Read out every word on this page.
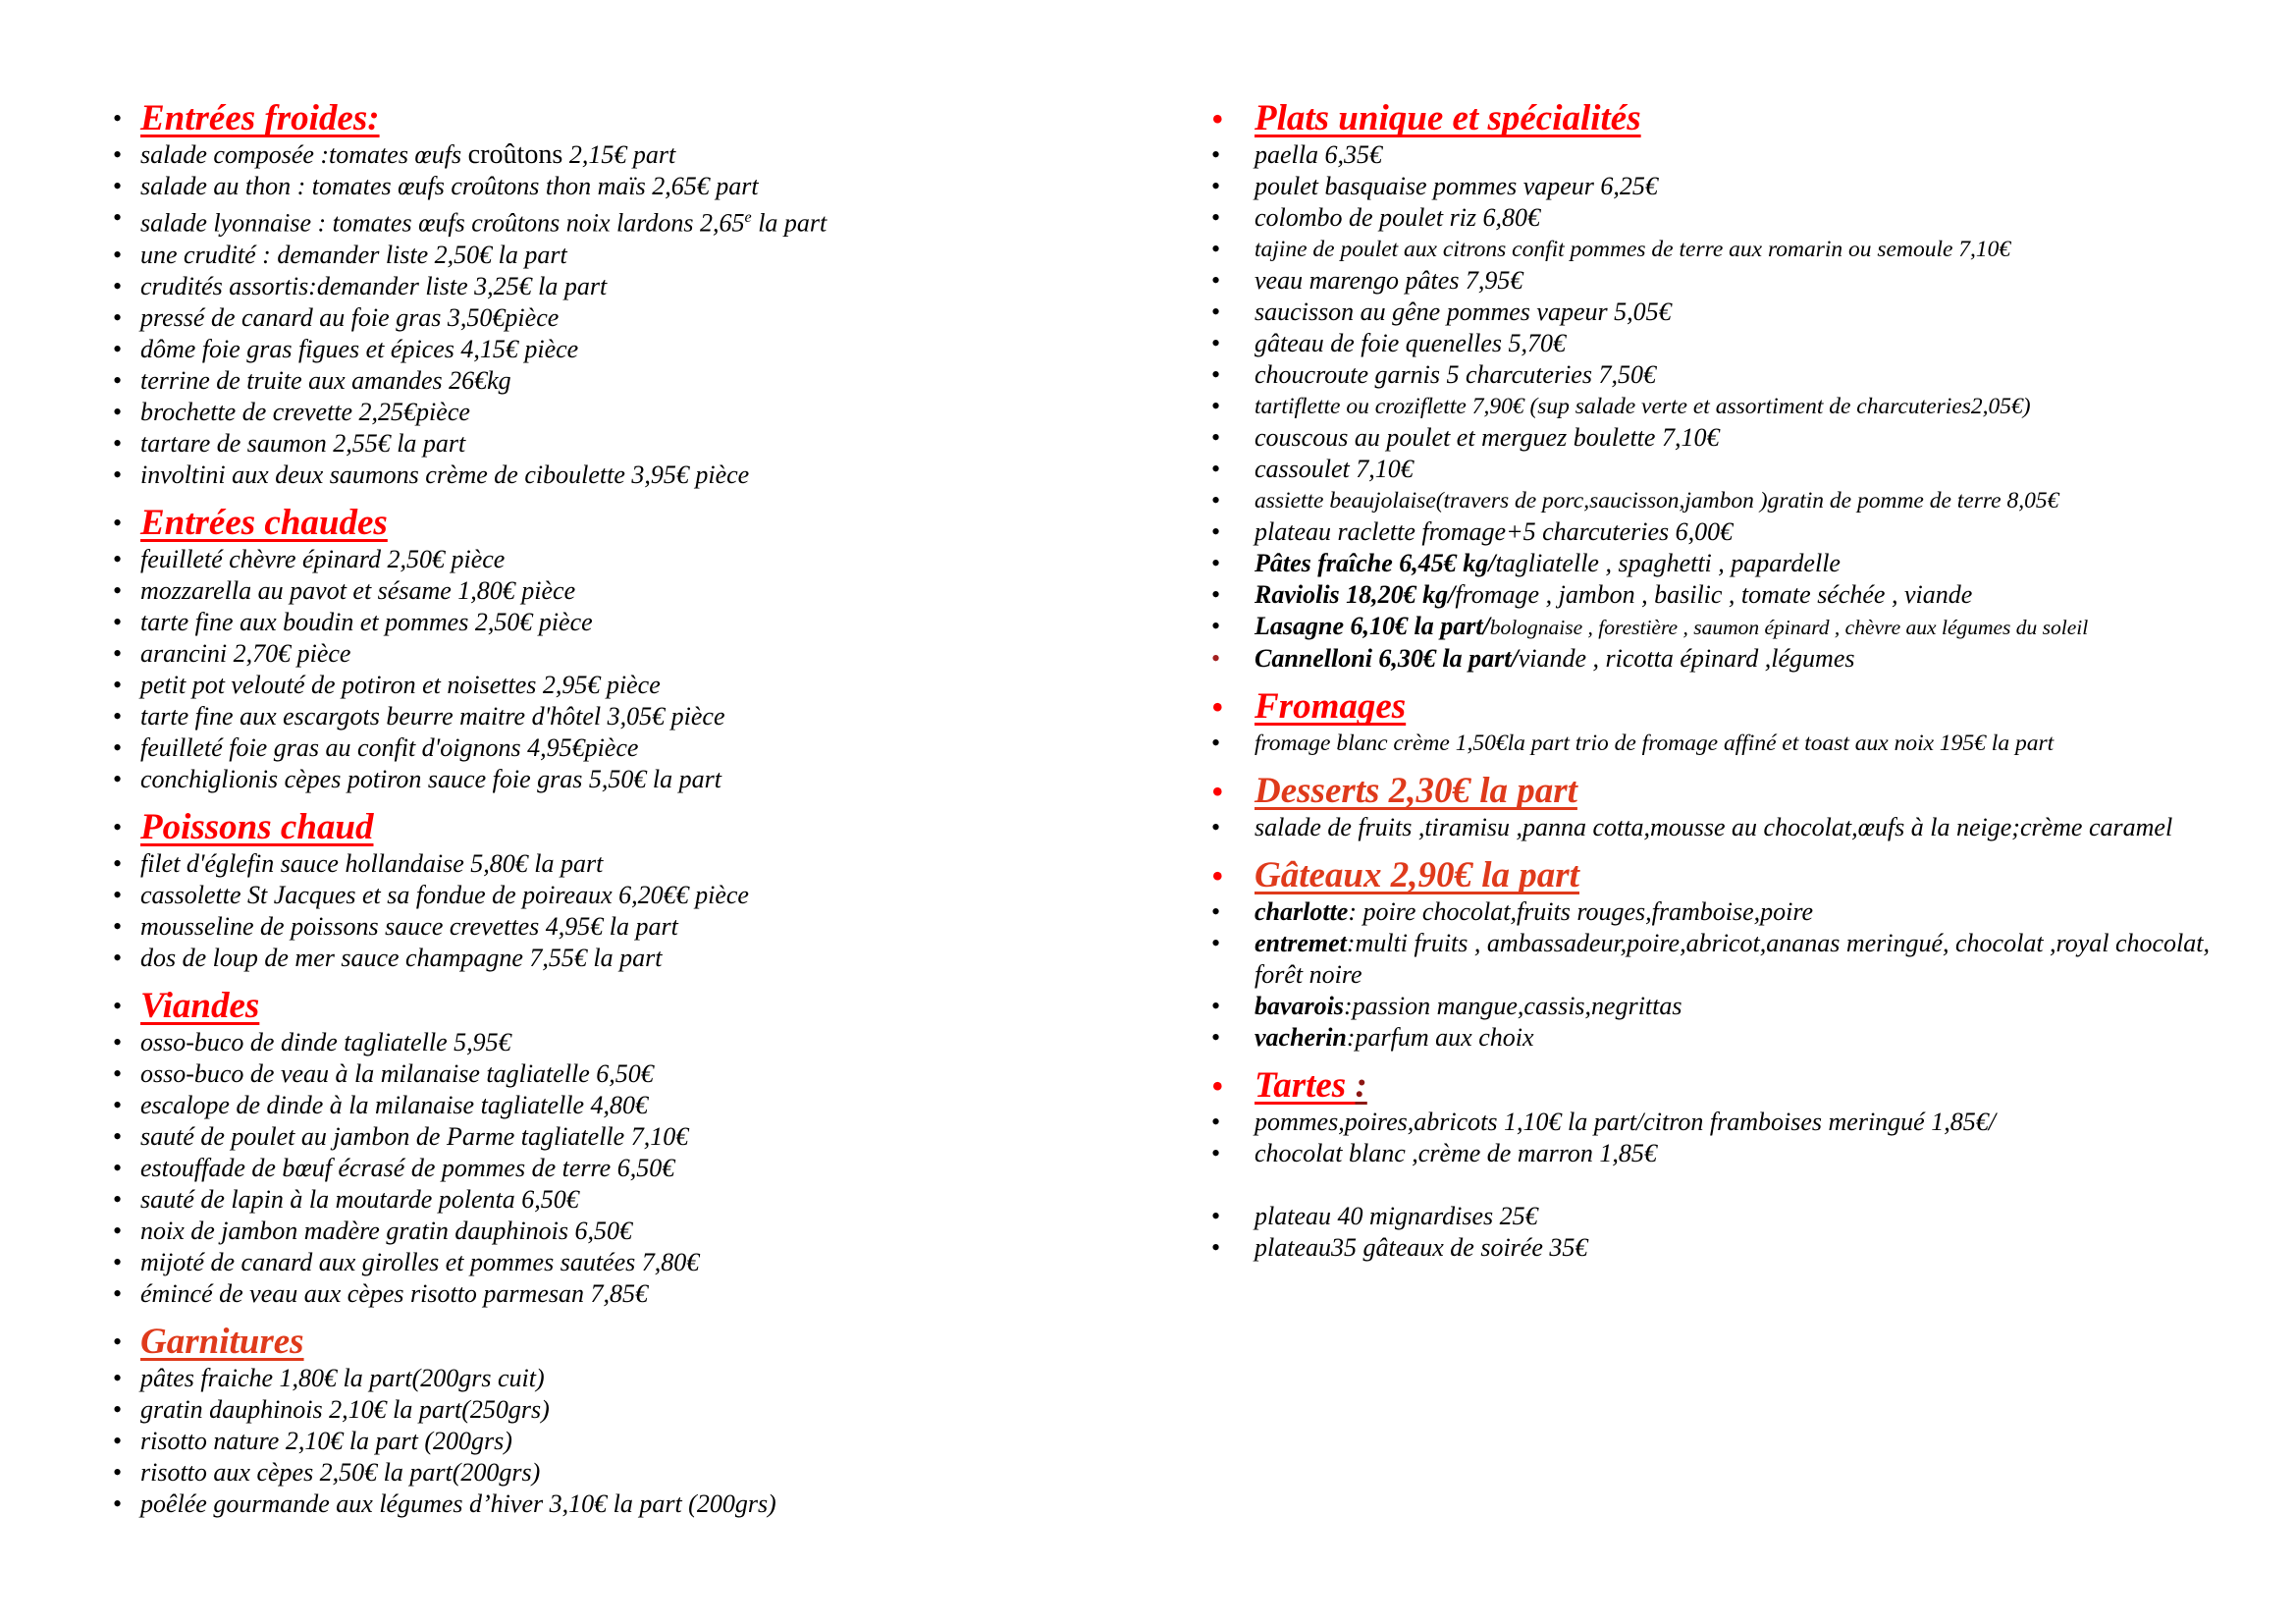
• Entrées froides:
• salade composée :tomates œufs croûtons 2,15€ part
• salade au thon : tomates œufs croûtons thon maïs 2,65€ part
• salade lyonnaise : tomates œufs croûtons noix lardons 2,65e la part
• une crudité : demander liste 2,50€ la part
• crudités assortis:demander liste 3,25€ la part
• pressé de canard au foie gras 3,50€pièce
• dôme foie gras figues et épices 4,15€ pièce
• terrine de truite aux amandes 26€kg
• brochette de crevette 2,25€pièce
• tartare de saumon 2,55€ la part
• involtini aux deux saumons crème de ciboulette 3,95€ pièce
• Entrées chaudes
• feuilleté chèvre épinard 2,50€ pièce
• mozzarella au pavot et sésame 1,80€ pièce
• tarte fine aux boudin et pommes 2,50€ pièce
• arancini 2,70€ pièce
• petit pot velouté de potiron et noisettes 2,95€ pièce
• tarte fine aux escargots beurre maitre d'hôtel 3,05€ pièce
• feuilleté foie gras au confit d'oignons 4,95€pièce
• conchiglionis cèpes potiron sauce foie gras 5,50€ la part
• Poissons chaud
• filet d'églefin sauce hollandaise 5,80€ la part
• cassolette St Jacques et sa fondue de poireaux 6,20€€ pièce
• mousseline de poissons sauce crevettes 4,95€ la part
• dos de loup de mer sauce champagne 7,55€ la part
• Viandes
• osso-buco de dinde tagliatelle 5,95€
• osso-buco de veau à la milanaise tagliatelle 6,50€
• escalope de dinde à la milanaise tagliatelle 4,80€
• sauté de poulet au jambon de Parme tagliatelle 7,10€
• estouffade de bœuf écrasé de pommes de terre 6,50€
• sauté de lapin à la moutarde polenta 6,50€
• noix de jambon madère gratin dauphinois 6,50€
• mijoté de canard aux girolles et pommes sautées 7,80€
• émincé de veau aux cèpes risotto parmesan 7,85€
• Garnitures
• pâtes fraiche 1,80€ la part(200grs cuit)
• gratin dauphinois 2,10€ la part(250grs)
• risotto nature 2,10€ la part (200grs)
• risotto aux cèpes 2,50€ la part(200grs)
• poêlée gourmande aux légumes d’hiver 3,10€ la part (200grs)
• Plats unique et spécialités
• paella 6,35€
• poulet basquaise pommes vapeur 6,25€
• colombo de poulet riz 6,80€
• tajine de poulet aux citrons confit pommes de terre aux romarin ou semoule 7,10€
• veau marengo pâtes 7,95€
• saucisson au gêne pommes vapeur 5,05€
• gâteau de foie quenelles 5,70€
• choucroute garnis 5 charcuteries 7,50€
• tartiflette ou croziflette 7,90€ (sup salade verte et assortiment de charcuteries2,05€)
• couscous au poulet et merguez boulette 7,10€
• cassoulet 7,10€
• assiette beaujolaise(travers de porc,saucisson,jambon )gratin de pomme de terre 8,05€
• plateau raclette fromage+5 charcuteries 6,00€
• Pâtes fraîche 6,45€ kg/tagliatelle , spaghetti , papardelle
• Raviolis 18,20€ kg/fromage , jambon , basilic , tomate séchée , viande
• Lasagne 6,10€ la part/bolognaise , forestière , saumon épinard , chèvre aux légumes du soleil
• Cannelloni 6,30€ la part/viande , ricotta épinard ,légumes
• Fromages
• fromage blanc crème 1,50€la part trio de fromage affiné et toast aux noix 195€ la part
• Desserts 2,30€ la part
• salade de fruits ,tiramisu ,panna cotta,mousse au chocolat,œufs à la neige;crème caramel
• Gâteaux 2,90€ la part
• charlotte: poire chocolat,fruits rouges,framboise,poire
• entremet:multi fruits , ambassadeur,poire,abricot,ananas meringué, chocolat ,royal chocolat, forêt noire
• bavarois:passion mangue,cassis,negrittas
• vacherin:parfum aux choix
• Tartes :
• pommes,poires,abricots 1,10€ la part/citron framboises meringué 1,85€/
• chocolat blanc ,crème de marron 1,85€
• plateau 40 mignardises 25€
• plateau35 gâteaux de soirée 35€
